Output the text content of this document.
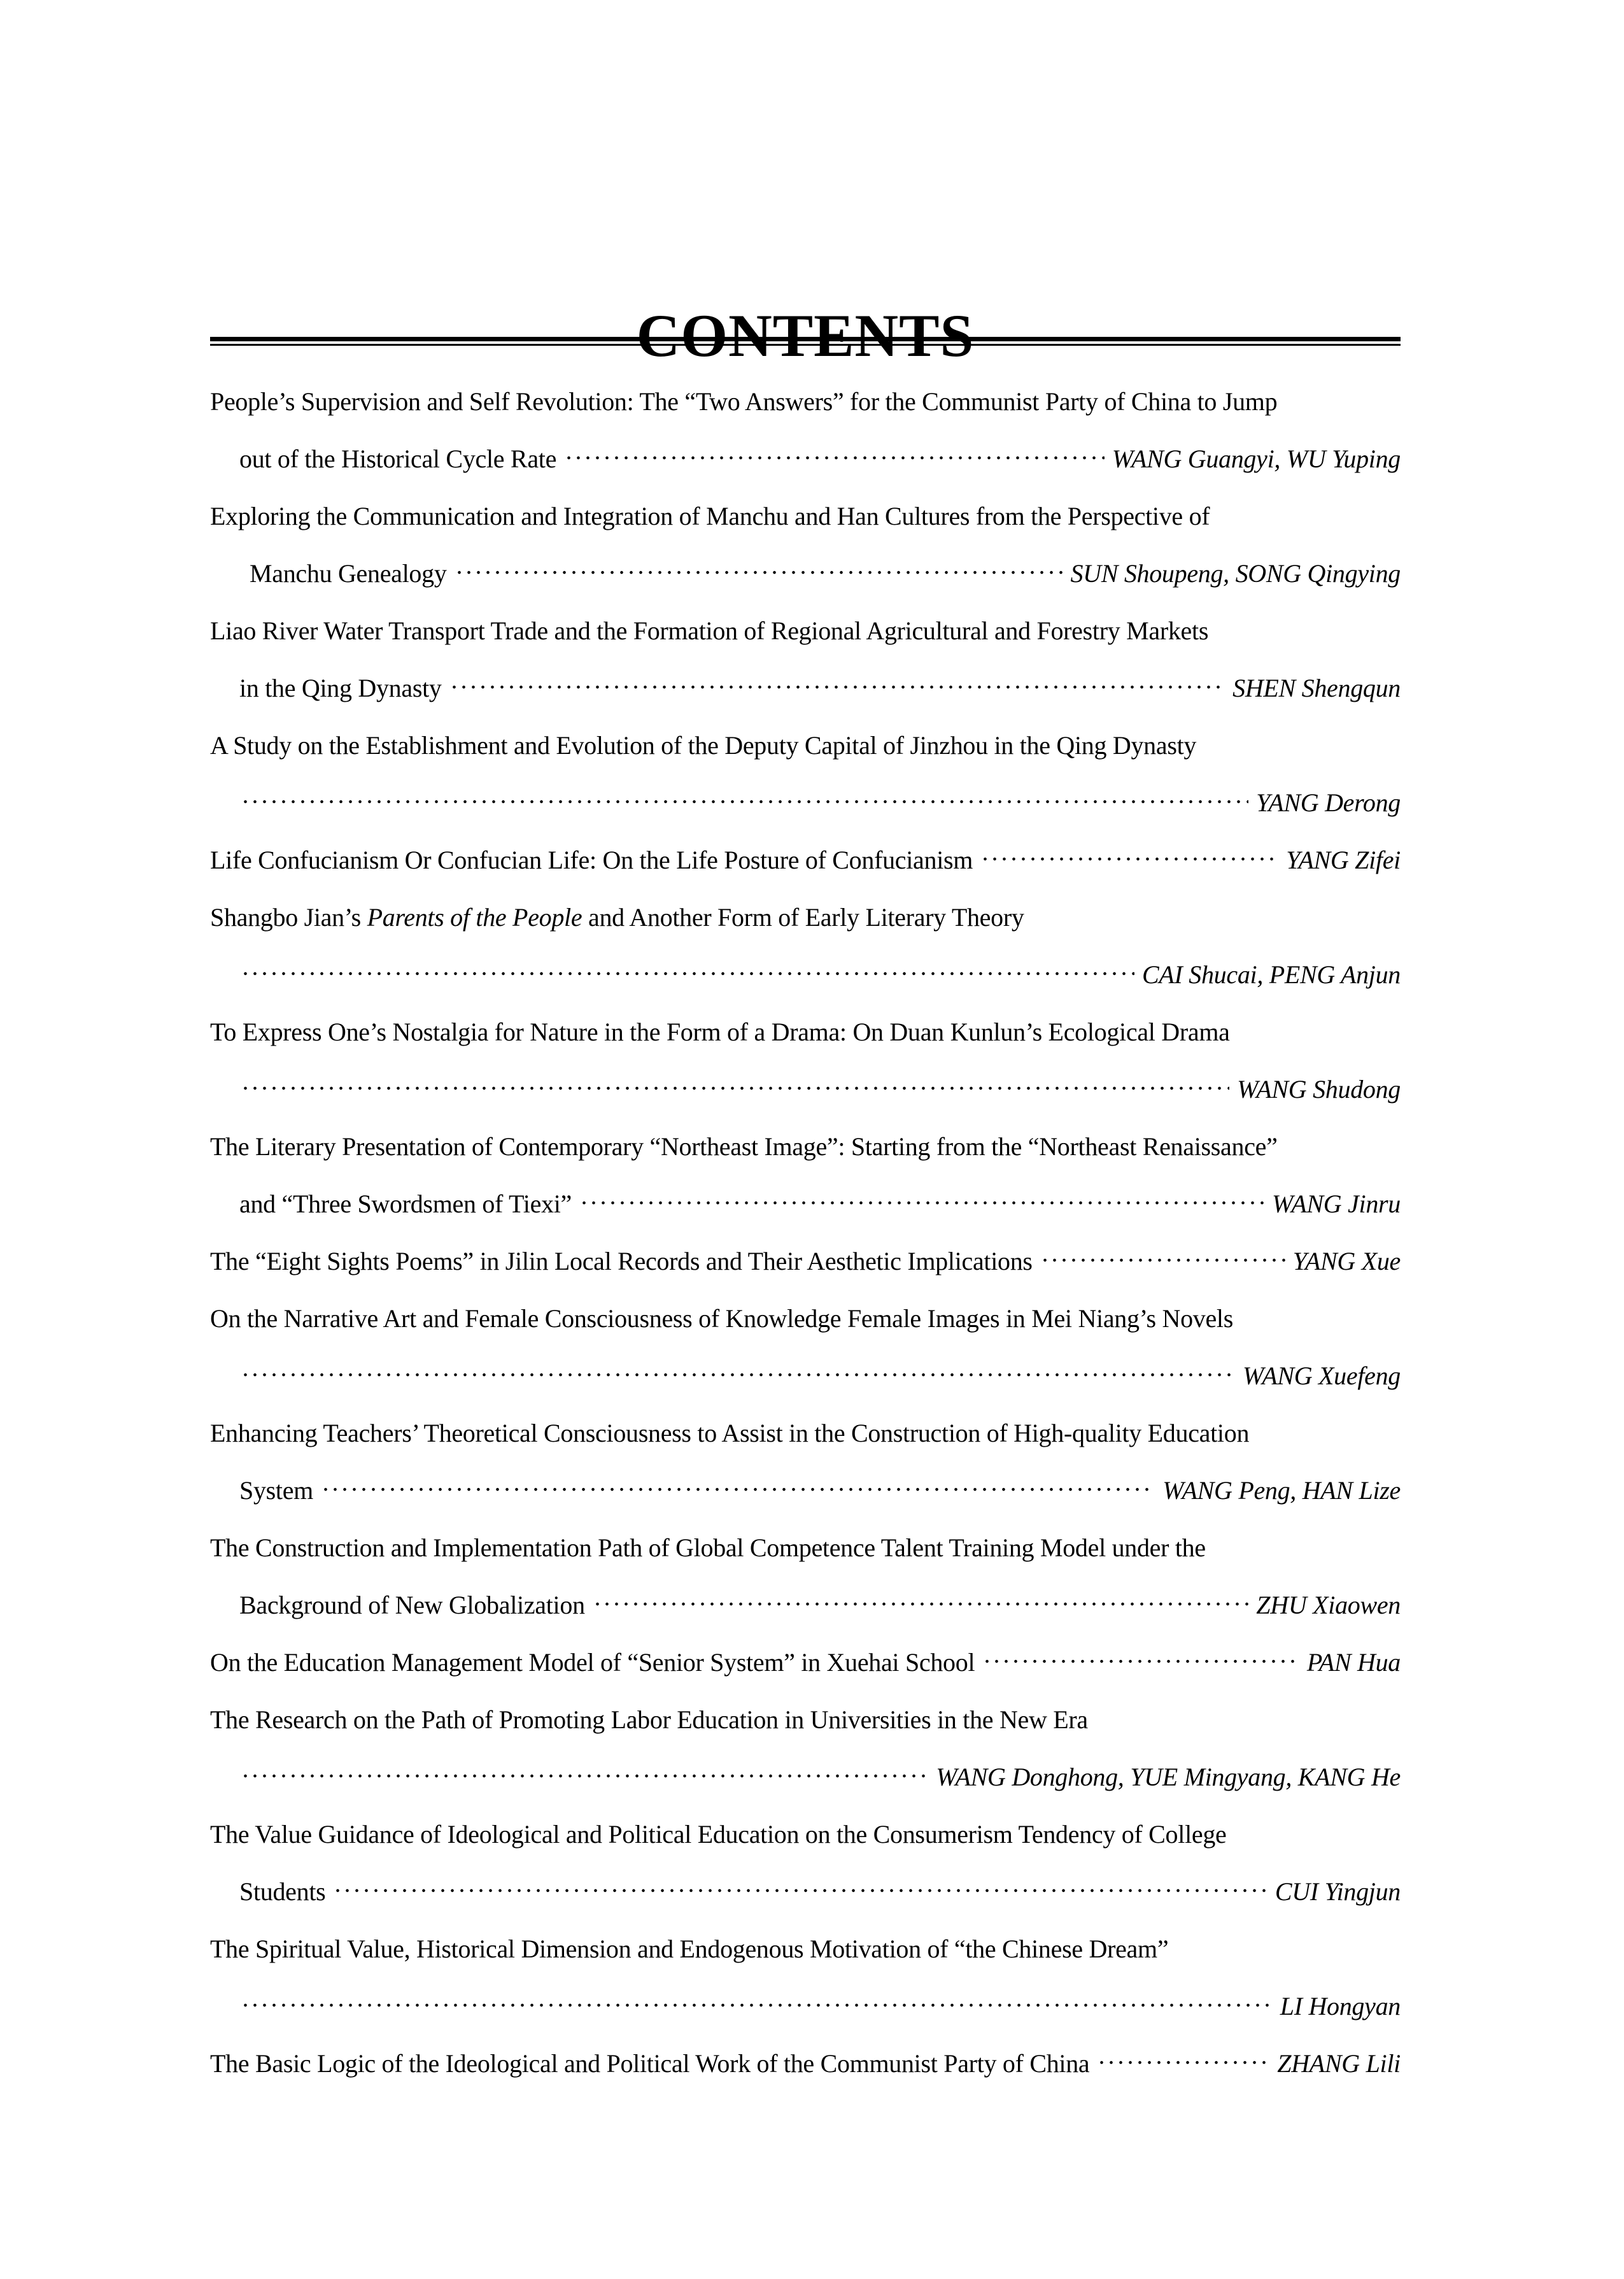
CONTENTS
People’s Supervision and Self Revolution: The “Two Answers” for the Communist Party of China to Jump
out of the Historical Cycle Rate	WANG Guangyi, WU Yuping
Exploring the Communication and Integration of Manchu and Han Cultures from the Perspective of
Manchu Genealogy	SUN Shoupeng, SONG Qingying
Liao River Water Transport Trade and the Formation of Regional Agricultural and Forestry Markets
in the Qing Dynasty	SHEN Shengqun
A Study on the Establishment and Evolution of the Deputy Capital of Jinzhou in the Qing Dynasty
YANG Derong
Life Confucianism Or Confucian Life: On the Life Posture of Confucianism	YANG Zifei
Shangbo Jian’s Parents of the People and Another Form of Early Literary Theory
CAI Shucai, PENG Anjun
To Express One’s Nostalgia for Nature in the Form of a Drama: On Duan Kunlun’s Ecological Drama
WANG Shudong
The Literary Presentation of Contemporary “Northeast Image”: Starting from the “Northeast Renaissance”
and “Three Swordsmen of Tiexi”	WANG Jinru
The “Eight Sights Poems” in Jilin Local Records and Their Aesthetic Implications	YANG Xue
On the Narrative Art and Female Consciousness of Knowledge Female Images in Mei Niang’s Novels
WANG Xuefeng
Enhancing Teachers’ Theoretical Consciousness to Assist in the Construction of High-quality Education
System	WANG Peng, HAN Lize
The Construction and Implementation Path of Global Competence Talent Training Model under the
Background of New Globalization	ZHU Xiaowen
On the Education Management Model of “Senior System” in Xuehai School	PAN Hua
The Research on the Path of Promoting Labor Education in Universities in the New Era
WANG Donghong, YUE Mingyang, KANG He
The Value Guidance of Ideological and Political Education on the Consumerism Tendency of College
Students	CUI Yingjun
The Spiritual Value, Historical Dimension and Endogenous Motivation of “the Chinese Dream”
LI Hongyan
The Basic Logic of the Ideological and Political Work of the Communist Party of China	ZHANG Lili
